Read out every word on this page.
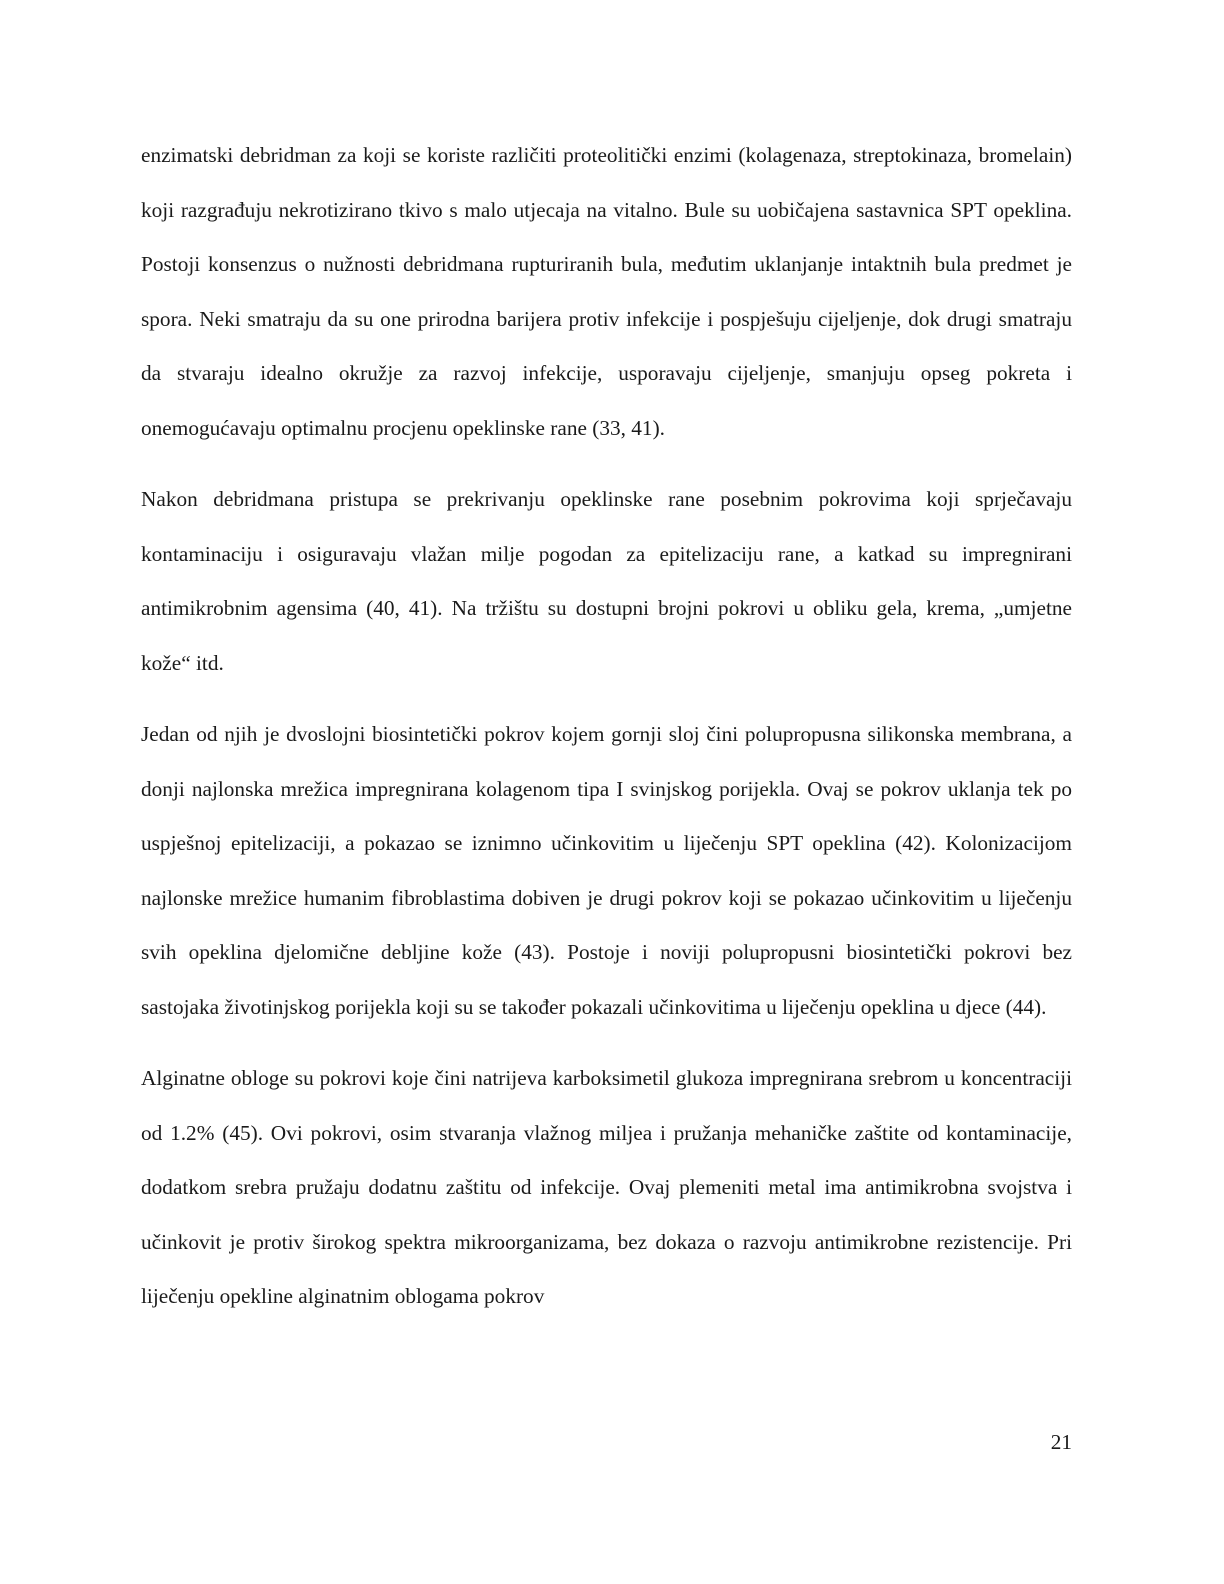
enzimatski debridman za koji se koriste različiti proteolitički enzimi (kolagenaza, streptokinaza, bromelain) koji razgrađuju nekrotizirano tkivo s malo utjecaja na vitalno. Bule su uobičajena sastavnica SPT opeklina. Postoji konsenzus o nužnosti debridmana rupturiranih bula, međutim uklanjanje intaktnih bula predmet je spora. Neki smatraju da su one prirodna barijera protiv infekcije i pospješuju cijeljenje, dok drugi smatraju da stvaraju idealno okružje za razvoj infekcije, usporavaju cijeljenje, smanjuju opseg pokreta i onemogućavaju optimalnu procjenu opeklinske rane (33, 41).

Nakon debridmana pristupa se prekrivanju opeklinske rane posebnim pokrovima koji sprječavaju kontaminaciju i osiguravaju vlažan milje pogodan za epitelizaciju rane, a katkad su impregnirani antimikrobnim agensima (40, 41). Na tržištu su dostupni brojni pokrovi u obliku gela, krema, „umjetne kože“ itd.

Jedan od njih je dvoslojni biosintetički pokrov kojem gornji sloj čini polupropusna silikonska membrana, a donji najlonska mrežica impregnirana kolagenom tipa I svinjskog porijekla. Ovaj se pokrov uklanja tek po uspješnoj epitelizaciji, a pokazao se iznimno učinkovitim u liječenju SPT opeklina (42). Kolonizacijom najlonske mrežice humanim fibroblastima dobiven je drugi pokrov koji se pokazao učinkovitim u liječenju svih opeklina djelomične debljine kože (43). Postoje i noviji polupropusni biosintetički pokrovi bez sastojaka životinjskog porijekla koji su se također pokazali učinkovitima u liječenju opeklina u djece (44).

Alginatne obloge su pokrovi koje čini natrijeva karboksimetil glukoza impregnirana srebrom u koncentraciji od 1.2% (45). Ovi pokrovi, osim stvaranja vlažnog miljea i pružanja mehaničke zaštite od kontaminacije, dodatkom srebra pružaju dodatnu zaštitu od infekcije. Ovaj plemeniti metal ima antimikrobna svojstva i učinkovit je protiv širokog spektra mikroorganizama, bez dokaza o razvoju antimikrobne rezistencije. Pri liječenju opekline alginatnim oblogama pokrov

21
